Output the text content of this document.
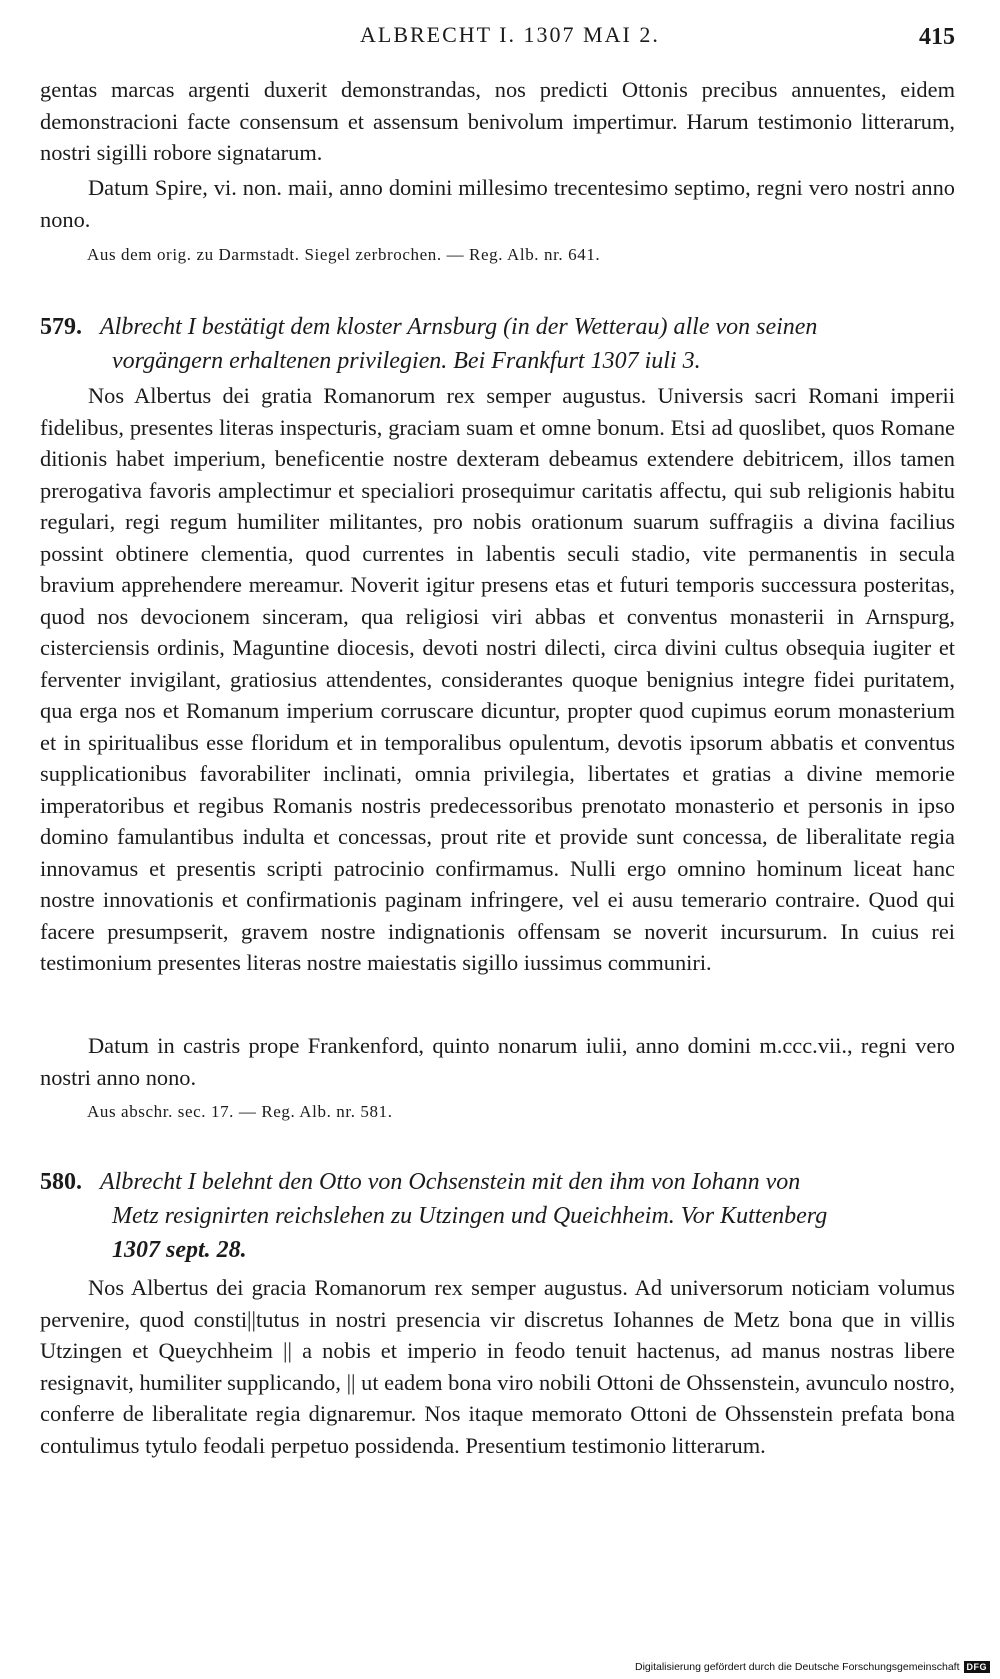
ALBRECHT I. 1307 MAI 2.	415

gentas marcas argenti duxerit demonstrandas, nos predicti Ottonis precibus annuentes, eidem demonstracioni facte consensum et assensum benivolum impertimur. Harum testimonio litterarum, nostri sigilli robore signatarum.

Datum Spire, vi. non. maii, anno domini millesimo trecentesimo septimo, regni vero nostri anno nono.

Aus dem orig. zu Darmstadt. Siegel zerbrochen. — Reg. Alb. nr. 641.

579. Albrecht I bestätigt dem kloster Arnsburg (in der Wetterau) alle von seinen
vorgängern erhaltenen privilegien. Bei Frankfurt 1307 iuli 3.

Nos Albertus dei gratia Romanorum rex semper augustus. Universis sacri Romani imperii fidelibus, presentes literas inspecturis, graciam suam et omne bonum. Etsi ad quoslibet, quos Romane ditionis habet imperium, beneficentie nostre dexteram debeamus extendere debitricem, illos tamen prerogativa favoris amplectimur et specialiori prosequimur caritatis affectu, qui sub religionis habitu regulari, regi regum humiliter militantes, pro nobis orationum suarum suffragiis a divina facilius possint obtinere clementia, quod currentes in labentis seculi stadio, vite permanentis in secula bravium apprehendere mereamur. Noverit igitur presens etas et futuri temporis successura posteritas, quod nos devocionem sinceram, qua religiosi viri abbas et conventus monasterii in Arnspurg, cisterciensis ordinis, Maguntine diocesis, devoti nostri dilecti, circa divini cultus obsequia iugiter et ferventer invigilant, gratiosius attendentes, considerantes quoque benignius integre fidei puritatem, qua erga nos et Romanum imperium corruscare dicuntur, propter quod cupimus eorum monasterium et in spiritualibus esse floridum et in temporalibus opulentum, devotis ipsorum abbatis et conventus supplicationibus favorabiliter inclinati, omnia privilegia, libertates et gratias a divine memorie imperatoribus et regibus Romanis nostris predecessoribus prenotato monasterio et personis in ipso domino famulantibus indulta et concessas, prout rite et provide sunt concessa, de liberalitate regia innovamus et presentis scripti patrocinio confirmamus. Nulli ergo omnino hominum liceat hanc nostre innovationis et confirmationis paginam infringere, vel ei ausu temerario contraire. Quod qui facere presumpserit, gravem nostre indignationis offensam se noverit incursurum. In cuius rei testimonium presentes literas nostre maiestatis sigillo iussimus communiri.

Datum in castris prope Frankenford, quinto nonarum iulii, anno domini m.ccc.vii., regni vero nostri anno nono.

Aus abschr. sec. 17. — Reg. Alb. nr. 581.

580. Albrecht I belehnt den Otto von Ochsenstein mit den ihm von Iohann von
Metz resignirten reichslehen zu Utzingen und Queichheim. Vor Kuttenberg
1307 sept. 28.

Nos Albertus dei gracia Romanorum rex semper augustus. Ad universorum noticiam volumus pervenire, quod consti||tutus in nostri presencia vir discretus Iohannes de Metz bona que in villis Utzingen et Queychheim || a nobis et imperio in feodo tenuit hactenus, ad manus nostras libere resignavit, humiliter supplicando, || ut eadem bona viro nobili Ottoni de Ohssenstein, avunculo nostro, conferre de liberalitate regia dignaremur. Nos itaque memorato Ottoni de Ohssenstein prefata bona contulimus tytulo feodali perpetuo possidenda. Presentium testimonio litterarum.

Digitalisierung gefördert durch die Deutsche Forschungsgemeinschaft DFG
